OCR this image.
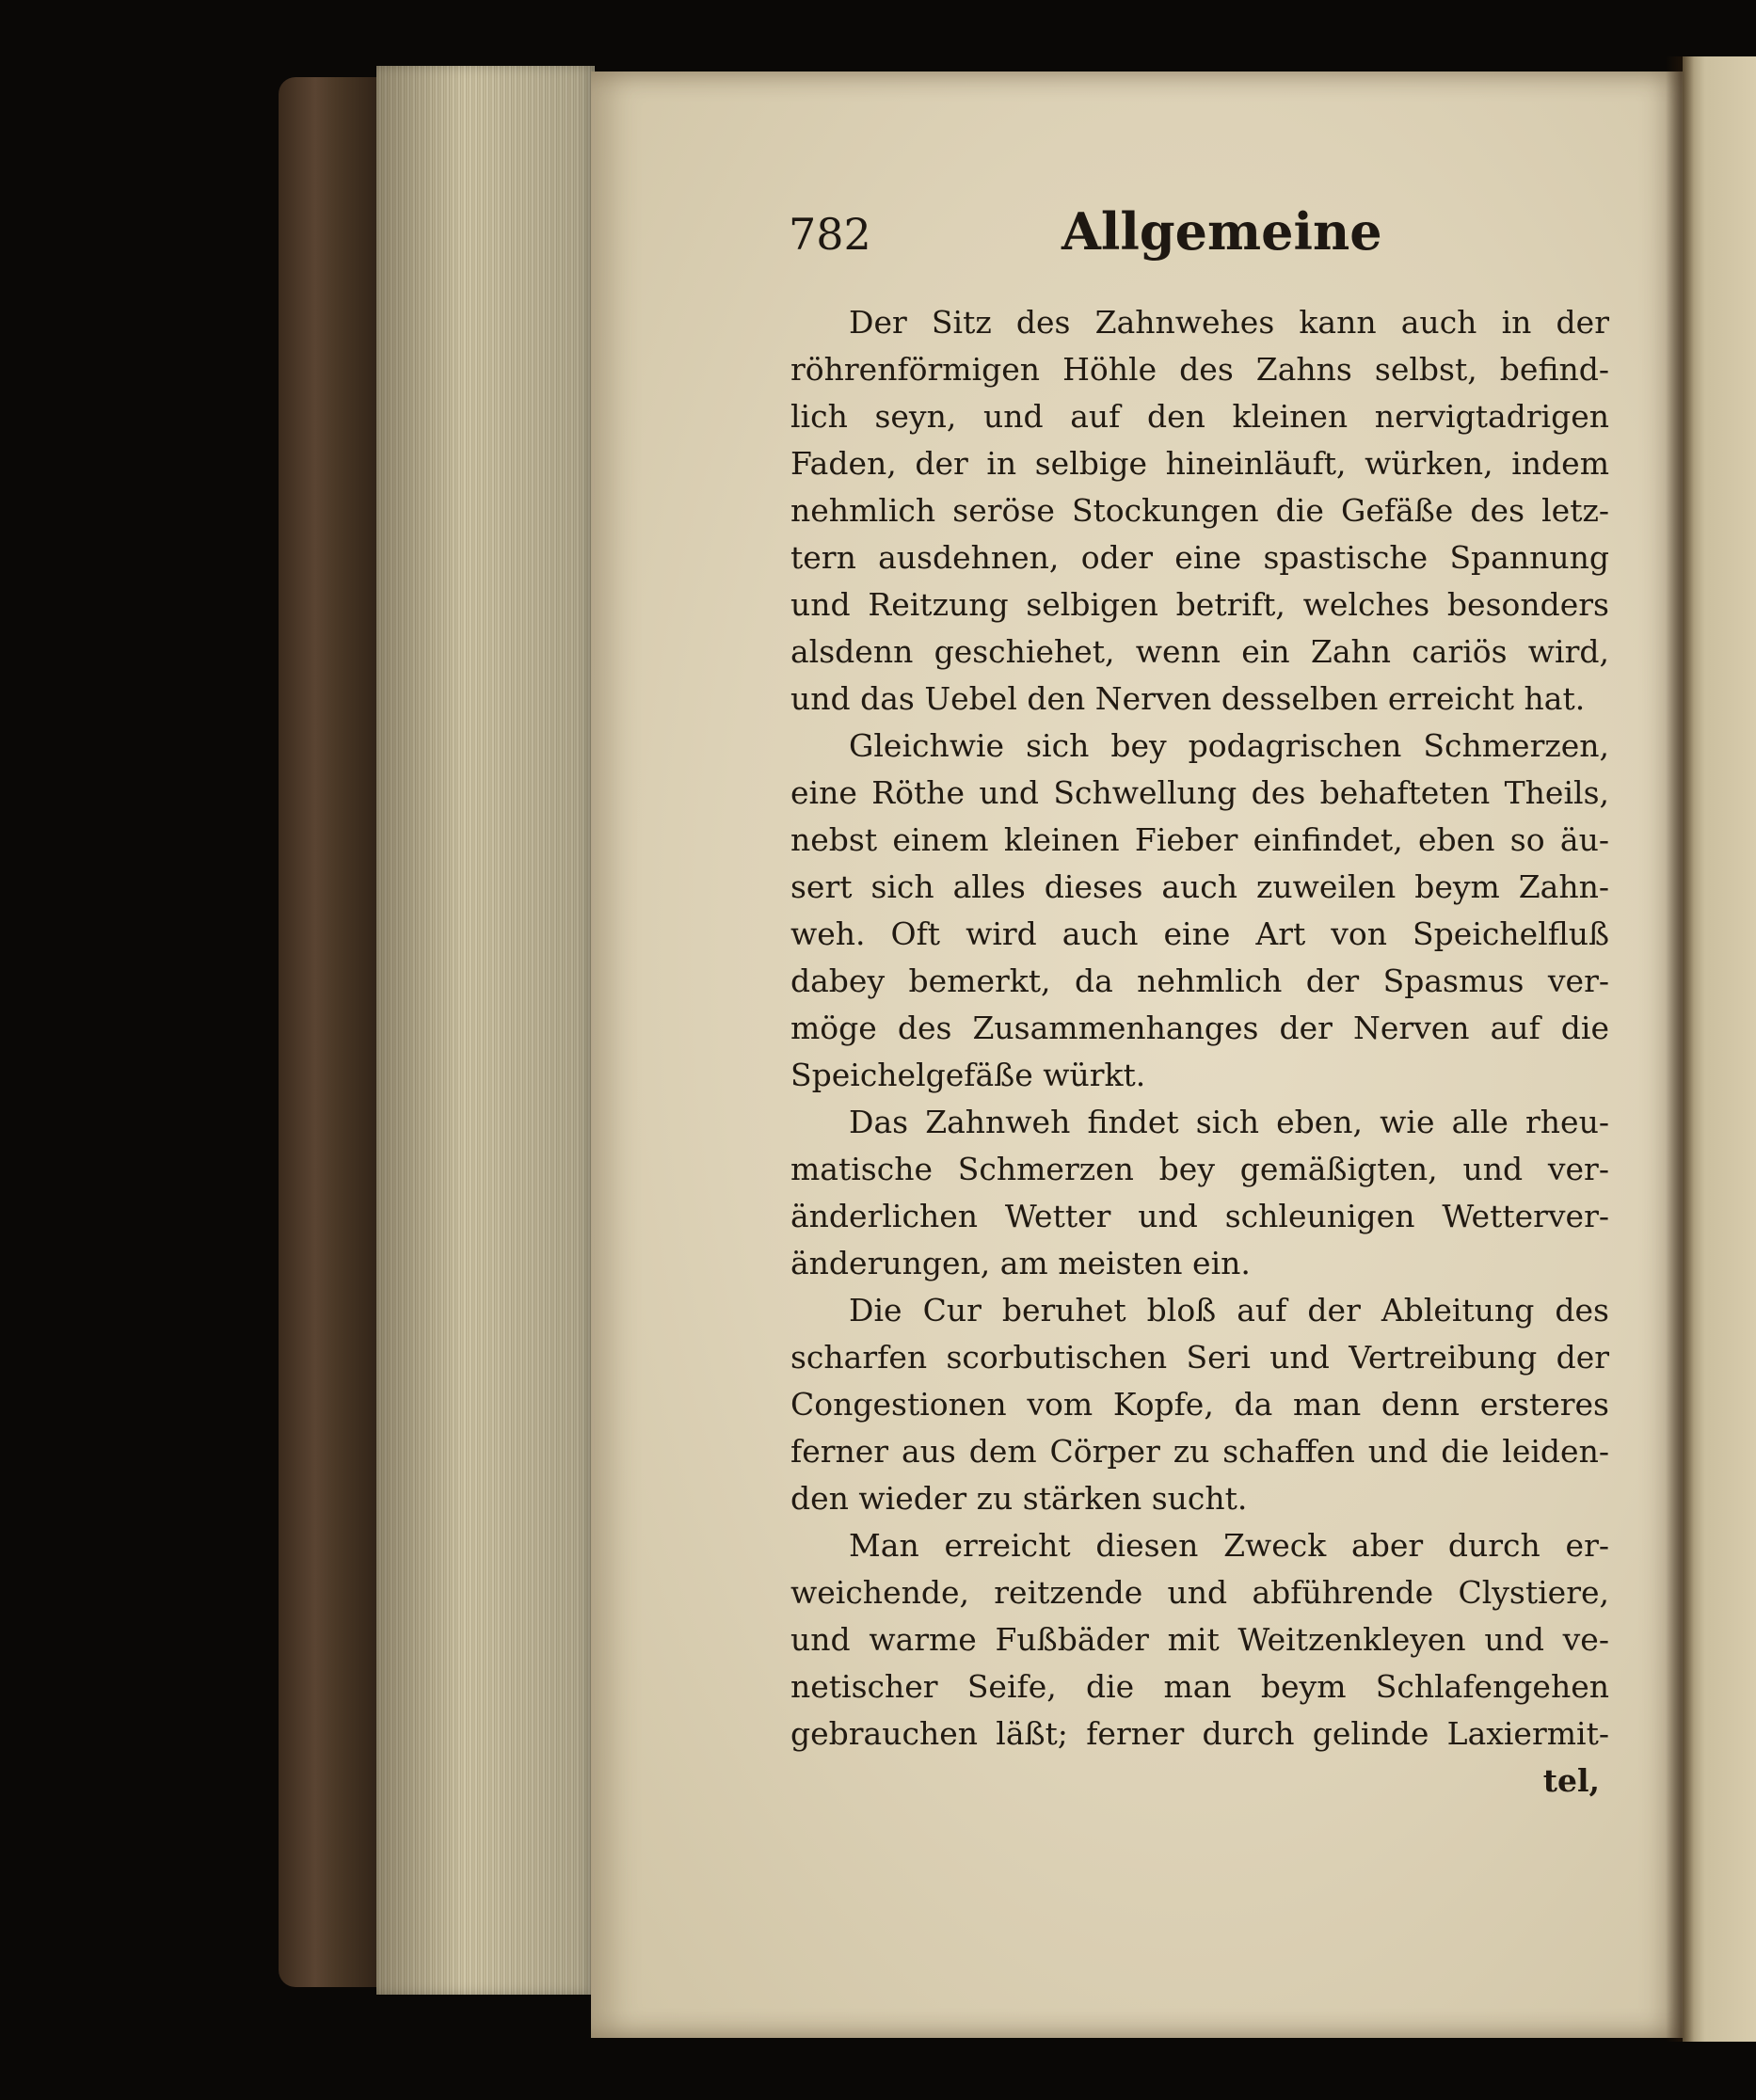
782	Allgemeine
Der Sitz des Zahnwehes kann auch in der
röhrenförmigen Höhle des Zahns selbst, befind-
lich seyn, und auf den kleinen nervigtadrigen
Faden, der in selbige hineinläuft, würken, indem
nehmlich seröse Stockungen die Gefäße des letz-
tern ausdehnen, oder eine spastische Spannung
und Reitzung selbigen betrift, welches besonders
alsdenn geschiehet, wenn ein Zahn cariös wird,
und das Uebel den Nerven desselben erreicht hat.
Gleichwie sich bey podagrischen Schmerzen,
eine Röthe und Schwellung des behafteten Theils,
nebst einem kleinen Fieber einfindet, eben so äu-
sert sich alles dieses auch zuweilen beym Zahn-
weh. Oft wird auch eine Art von Speichelfluß
dabey bemerkt, da nehmlich der Spasmus ver-
möge des Zusammenhanges der Nerven auf die
Speichelgefäße würkt.
Das Zahnweh findet sich eben, wie alle rheu-
matische Schmerzen bey gemäßigten, und ver-
änderlichen Wetter und schleunigen Wetterver-
änderungen, am meisten ein.
Die Cur beruhet bloß auf der Ableitung des
scharfen scorbutischen Seri und Vertreibung der
Congestionen vom Kopfe, da man denn ersteres
ferner aus dem Cörper zu schaffen und die leiden-
den wieder zu stärken sucht.
Man erreicht diesen Zweck aber durch er-
weichende, reitzende und abführende Clystiere,
und warme Fußbäder mit Weitzenkleyen und ve-
netischer Seife, die man beym Schlafengehen
gebrauchen läßt; ferner durch gelinde Laxiermit-
tel,
